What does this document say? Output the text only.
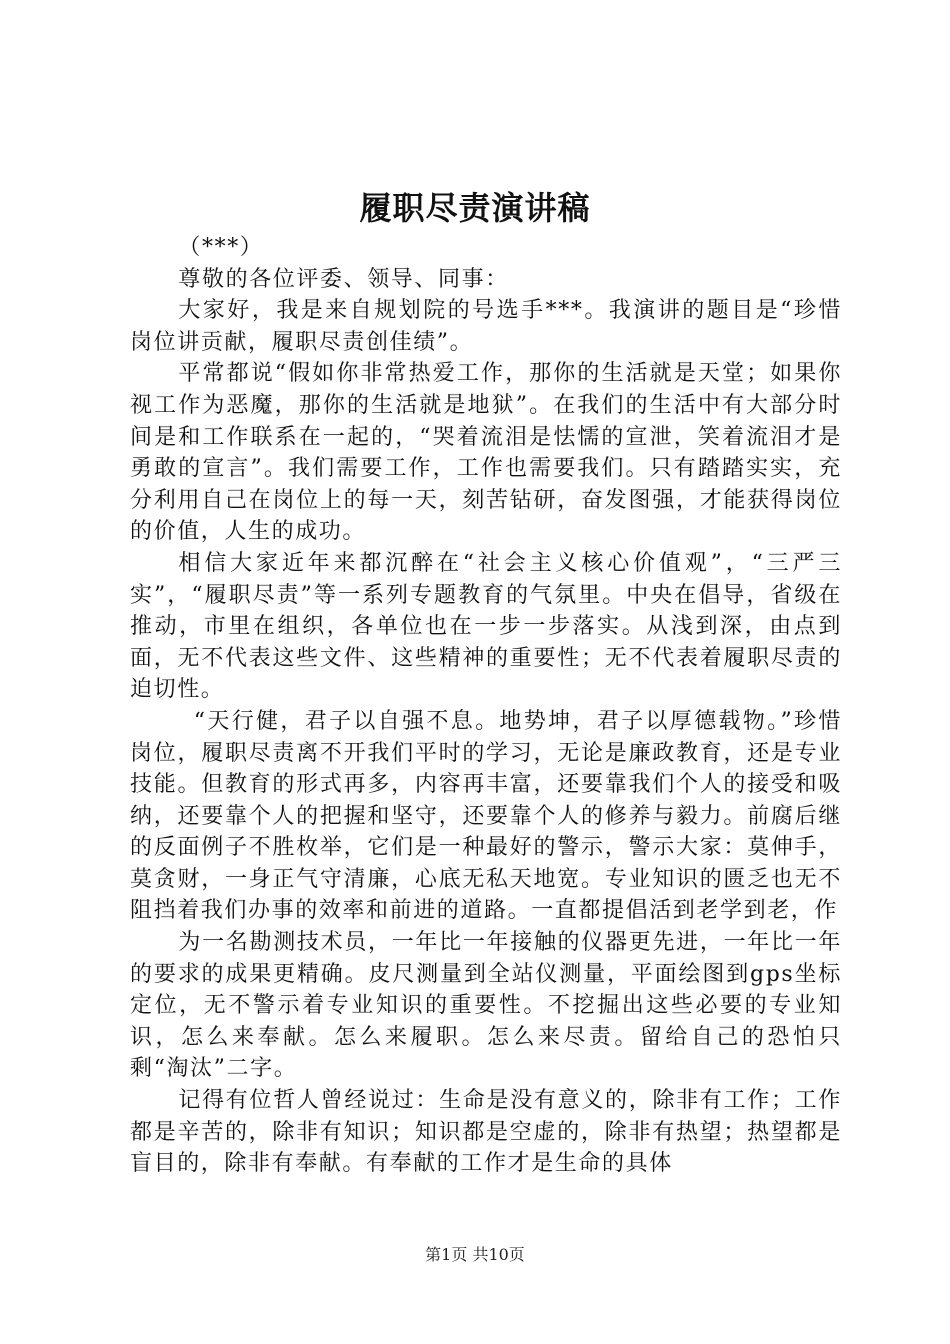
履职尽责演讲稿

（***）

尊敬的各位评委、领导、同事：

大家好，我是来自规划院的号选手***。我演讲的题目是“珍惜岗位讲贡献，履职尽责创佳绩”。

平常都说“假如你非常热爱工作，那你的生活就是天堂；如果你视工作为恶魔，那你的生活就是地狱”。在我们的生活中有大部分时间是和工作联系在一起的，“哭着流泪是怯懦的宣泄，笑着流泪才是勇敢的宣言”。我们需要工作，工作也需要我们。只有踏踏实实，充分利用自己在岗位上的每一天，刻苦钻研，奋发图强，才能获得岗位的价值，人生的成功。

相信大家近年来都沉醉在“社会主义核心价值观”，“三严三实”，“履职尽责”等一系列专题教育的气氛里。中央在倡导，省级在推动，市里在组织，各单位也在一步一步落实。从浅到深，由点到面，无不代表这些文件、这些精神的重要性；无不代表着履职尽责的迫切性。

“天行健，君子以自强不息。地势坤，君子以厚德载物。”珍惜岗位，履职尽责离不开我们平时的学习，无论是廉政教育，还是专业技能。但教育的形式再多，内容再丰富，还要靠我们个人的接受和吸纳，还要靠个人的把握和坚守，还要靠个人的修养与毅力。前腐后继的反面例子不胜枚举，它们是一种最好的警示，警示大家：莫伸手，莫贪财，一身正气守清廉，心底无私天地宽。专业知识的匮乏也无不阻挡着我们办事的效率和前进的道路。一直都提倡活到老学到老，作

为一名勘测技术员，一年比一年接触的仪器更先进，一年比一年的要求的成果更精确。皮尺测量到全站仪测量，平面绘图到gps坐标定位，无不警示着专业知识的重要性。不挖掘出这些必要的专业知识，怎么来奉献。怎么来履职。怎么来尽责。留给自己的恐怕只剩“淘汰”二字。

记得有位哲人曾经说过：生命是没有意义的，除非有工作；工作都是辛苦的，除非有知识；知识都是空虚的，除非有热望；热望都是盲目的，除非有奉献。有奉献的工作才是生命的具体

第1页 共10页
